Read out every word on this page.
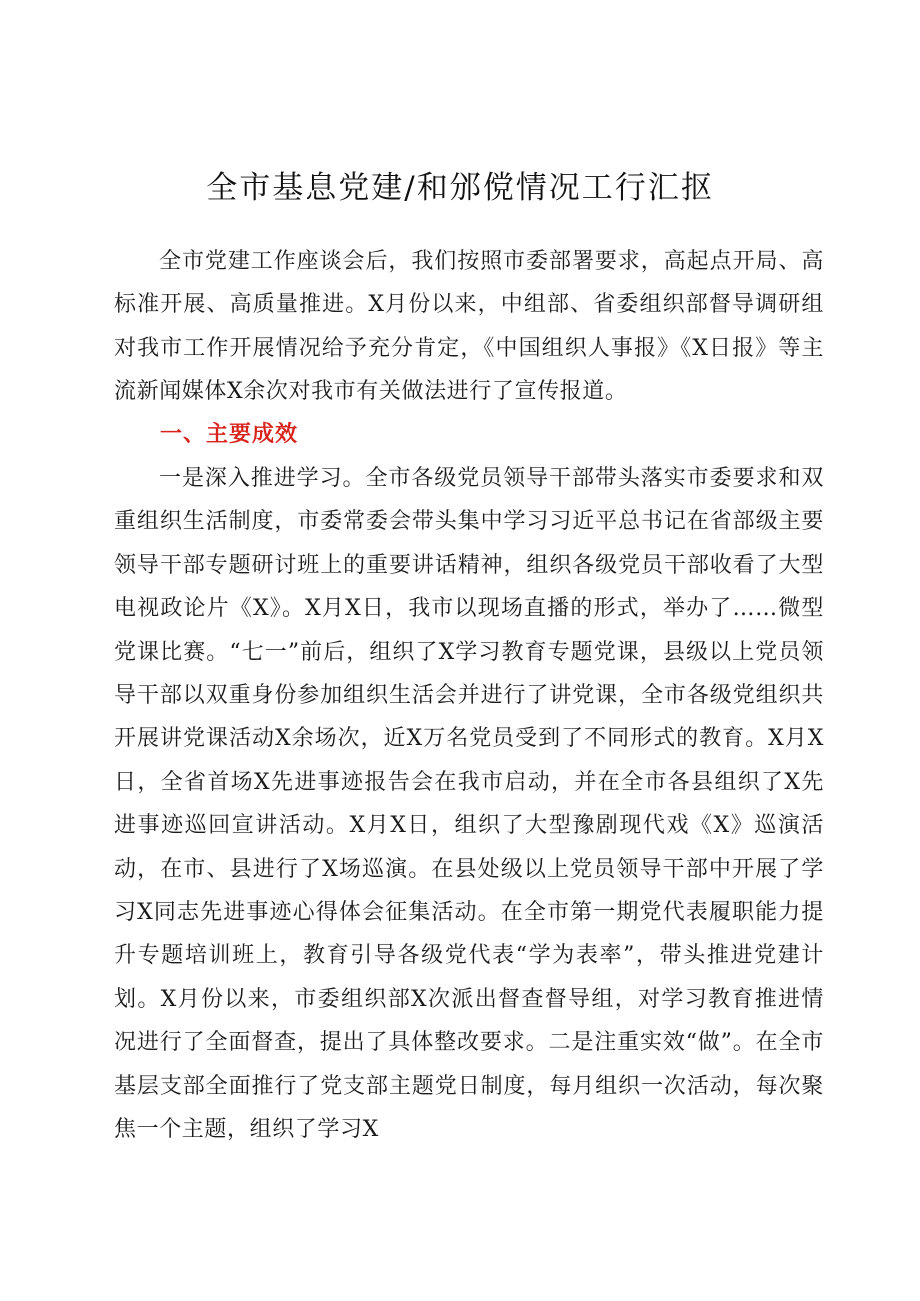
全市基息党建/和邠傥情况工行汇抠

全市党建工作座谈会后，我们按照市委部署要求，高起点开局、高标准开展、高质量推进。X月份以来，中组部、省委组织部督导调研组对我市工作开展情况给予充分肯定，《中国组织人事报》《X日报》等主流新闻媒体X余次对我市有关做法进行了宣传报道。

一、主要成效

一是深入推进学习。全市各级党员领导干部带头落实市委要求和双重组织生活制度，市委常委会带头集中学习习近平总书记在省部级主要领导干部专题研讨班上的重要讲话精神，组织各级党员干部收看了大型电视政论片《X》。X月X日，我市以现场直播的形式，举办了……微型党课比赛。“七一”前后，组织了X学习教育专题党课，县级以上党员领导干部以双重身份参加组织生活会并进行了讲党课，全市各级党组织共开展讲党课活动X余场次，近X万名党员受到了不同形式的教育。X月X日，全省首场X先进事迹报告会在我市启动，并在全市各县组织了X先进事迹巡回宣讲活动。X月X日，组织了大型豫剧现代戏《X》巡演活动，在市、县进行了X场巡演。在县处级以上党员领导干部中开展了学习X同志先进事迹心得体会征集活动。在全市第一期党代表履职能力提升专题培训班上，教育引导各级党代表“学为表率”，带头推进党建计划。X月份以来，市委组织部X次派出督查督导组，对学习教育推进情况进行了全面督查，提出了具体整改要求。二是注重实效“做”。在全市基层支部全面推行了党支部主题党日制度，每月组织一次活动，每次聚焦一个主题，组织了学习X
